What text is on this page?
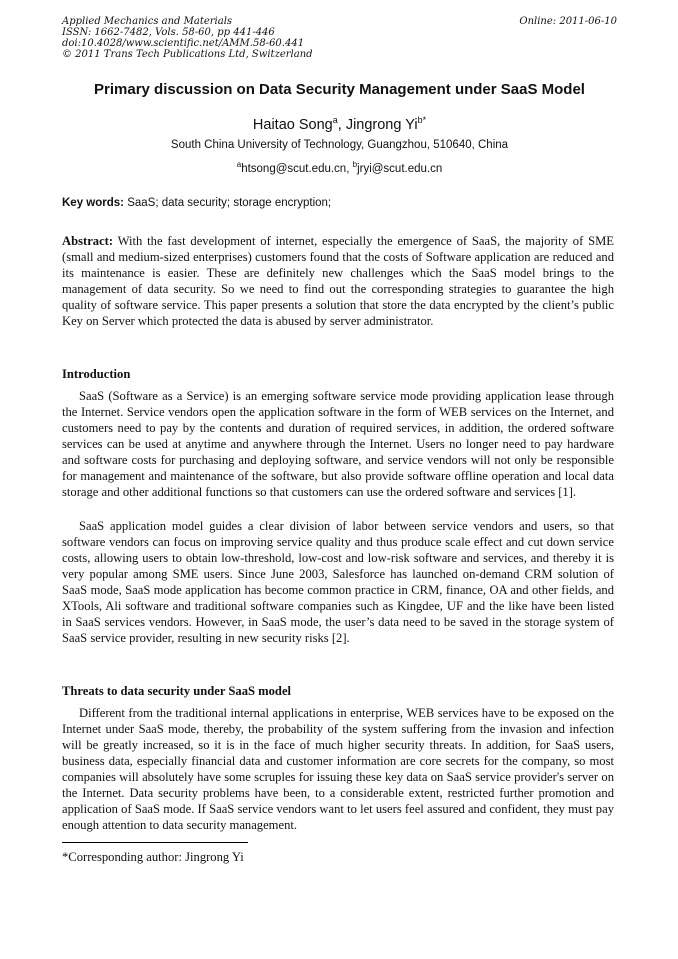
Applied Mechanics and Materials
ISSN: 1662-7482, Vols. 58-60, pp 441-446
doi:10.4028/www.scientific.net/AMM.58-60.441
© 2011 Trans Tech Publications Ltd, Switzerland
Online: 2011-06-10
Primary discussion on Data Security Management under SaaS Model
Haitao Song$^a$, Jingrong $Yi^{b*}$
South China University of Technology, Guangzhou, 510640, China
$^a$htsong@scut.edu.cn, $^b$jryi@scut.edu.cn
Key words: SaaS; data security; storage encryption;
Abstract: With the fast development of internet, especially the emergence of SaaS, the majority of SME (small and medium-sized enterprises) customers found that the costs of Software application are reduced and its maintenance is easier. These are definitely new challenges which the SaaS model brings to the management of data security. So we need to find out the corresponding strategies to guarantee the high quality of software service. This paper presents a solution that store the data encrypted by the client’s public Key on Server which protected the data is abused by server administrator.
Introduction
SaaS (Software as a Service) is an emerging software service mode providing application lease through the Internet. Service vendors open the application software in the form of WEB services on the Internet, and customers need to pay by the contents and duration of required services, in addition, the ordered software services can be used at anytime and anywhere through the Internet. Users no longer need to pay hardware and software costs for purchasing and deploying software, and service vendors will not only be responsible for management and maintenance of the software, but also provide software offline operation and local data storage and other additional functions so that customers can use the ordered software and services [1].
SaaS application model guides a clear division of labor between service vendors and users, so that software vendors can focus on improving service quality and thus produce scale effect and cut down service costs, allowing users to obtain low-threshold, low-cost and low-risk software and services, and thereby it is very popular among SME users. Since June 2003, Salesforce has launched on-demand CRM solution of SaaS mode, SaaS mode application has become common practice in CRM, finance, OA and other fields, and XTools, Ali software and traditional software companies such as Kingdee, UF and the like have been listed in SaaS services vendors. However, in SaaS mode, the user’s data need to be saved in the storage system of SaaS service provider, resulting in new security risks [2].
Threats to data security under SaaS model
Different from the traditional internal applications in enterprise, WEB services have to be exposed on the Internet under SaaS mode, thereby, the probability of the system suffering from the invasion and infection will be greatly increased, so it is in the face of much higher security threats. In addition, for SaaS users, business data, especially financial data and customer information are core secrets for the company, so most companies will absolutely have some scruples for issuing these key data on SaaS service provider's server on the Internet. Data security problems have been, to a considerable extent, restricted further promotion and application of SaaS mode. If SaaS service vendors want to let users feel assured and confident, they must pay enough attention to data security management.
*Corresponding author: Jingrong Yi
